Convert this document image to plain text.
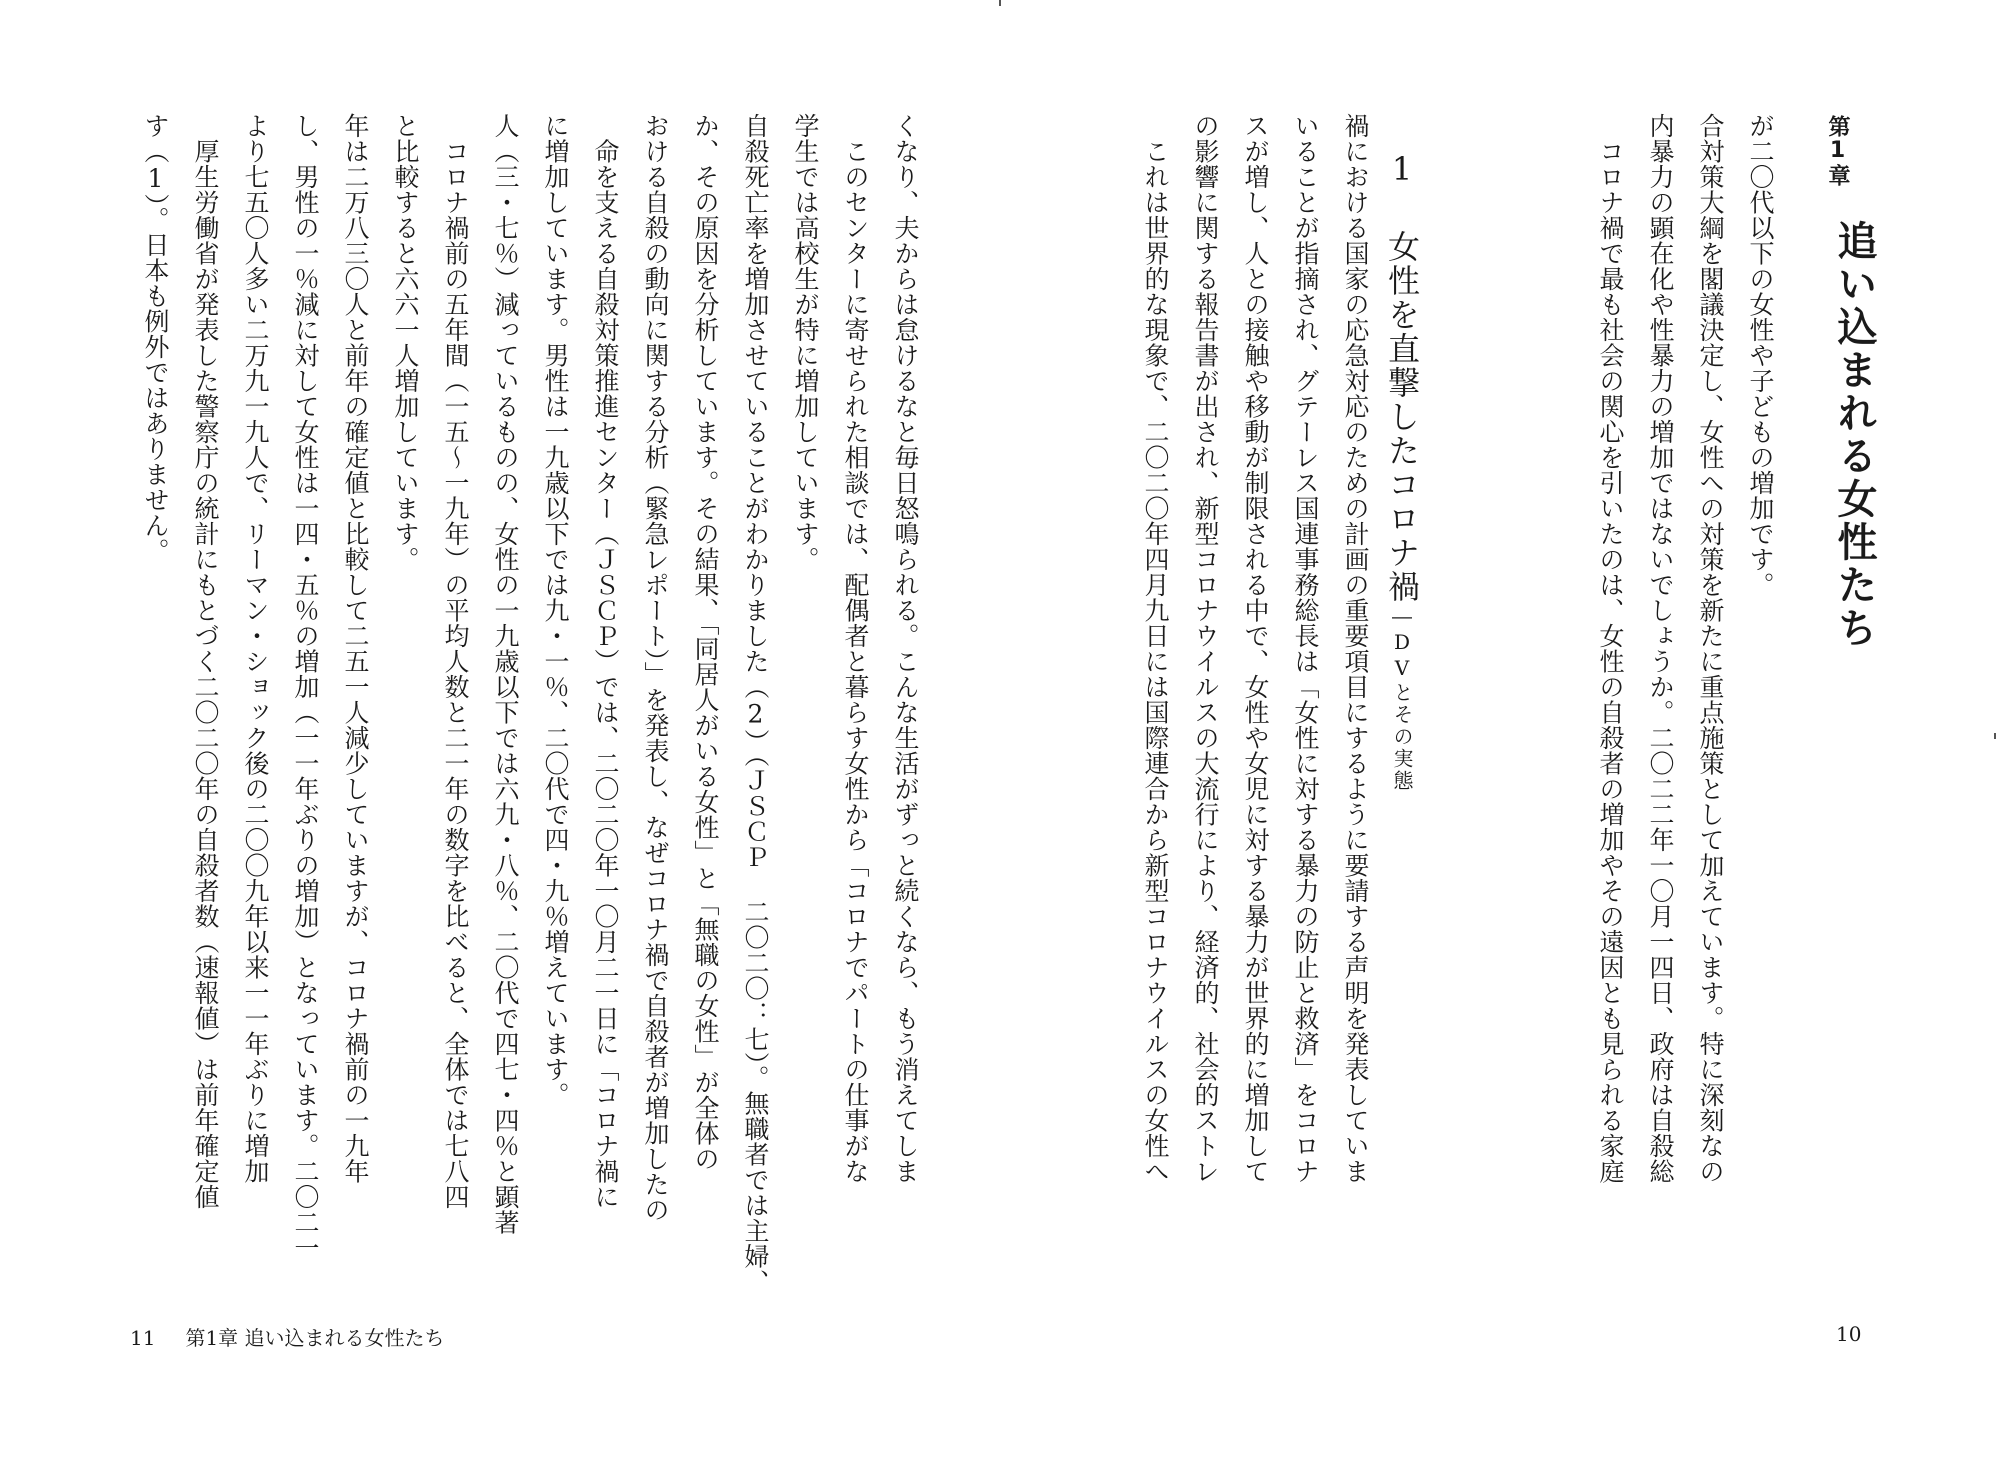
くなり、夫からは怠けるなと毎日怒鳴られる。こんな生活がずっと続くなら、もう消えてしま
このセンターに寄せられた相談では、配偶者と暮らす女性から「コロナでパートの仕事がな
学生では高校生が特に増加しています。
自殺死亡率を増加させていることがわかりました（2）（ＪＳＣＰ 二〇二〇：七）。無職者では主婦、
か、その原因を分析しています。その結果、「同居人がいる女性」と「無職の女性」が全体の
おける自殺の動向に関する分析（緊急レポート）」を発表し、なぜコロナ禍で自殺者が増加したの
命を支える自殺対策推進センター（ＪＳＣＰ）では、二〇二〇年一〇月二一日に「コロナ禍に
に増加しています。男性は一九歳以下では九・一％、二〇代で四・九％増えています。
人（三・七％）減っているものの、女性の一九歳以下では六九・八％、二〇代で四七・四％と顕著
コロナ禍前の五年間（一五～一九年）の平均人数と二一年の数字を比べると、全体では七八四
と比較すると六六一人増加しています。
年は二万八三〇人と前年の確定値と比較して二五一人減少していますが、コロナ禍前の一九年
し、男性の一％減に対して女性は一四・五％の増加（一一年ぶりの増加）となっています。二〇二一
より七五〇人多い二万九一九人で、リーマン・ショック後の二〇〇九年以来一一年ぶりに増加
厚生労働省が発表した警察庁の統計にもとづく二〇二〇年の自殺者数（速報値）は前年確定値
す（1）。日本も例外ではありません。
11 第1章 追い込まれる女性たち
第1章
追い込まれる女性たち
が二〇代以下の女性や子どもの増加です。
合対策大綱を閣議決定し、女性への対策を新たに重点施策として加えています。特に深刻なの
内暴力の顕在化や性暴力の増加ではないでしょうか。二〇二二年一〇月一四日、政府は自殺総
コロナ禍で最も社会の関心を引いたのは、女性の自殺者の増加やその遠因とも見られる家庭
1女性を直撃したコロナ禍―DVとその実態
禍における国家の応急対応のための計画の重要項目にするように要請する声明を発表していま
いることが指摘され、グテーレス国連事務総長は「女性に対する暴力の防止と救済」をコロナ
スが増し、人との接触や移動が制限される中で、女性や女児に対する暴力が世界的に増加して
の影響に関する報告書が出され、新型コロナウイルスの大流行により、経済的、社会的ストレ
これは世界的な現象で、二〇二〇年四月九日には国際連合から新型コロナウイルスの女性へ
10
